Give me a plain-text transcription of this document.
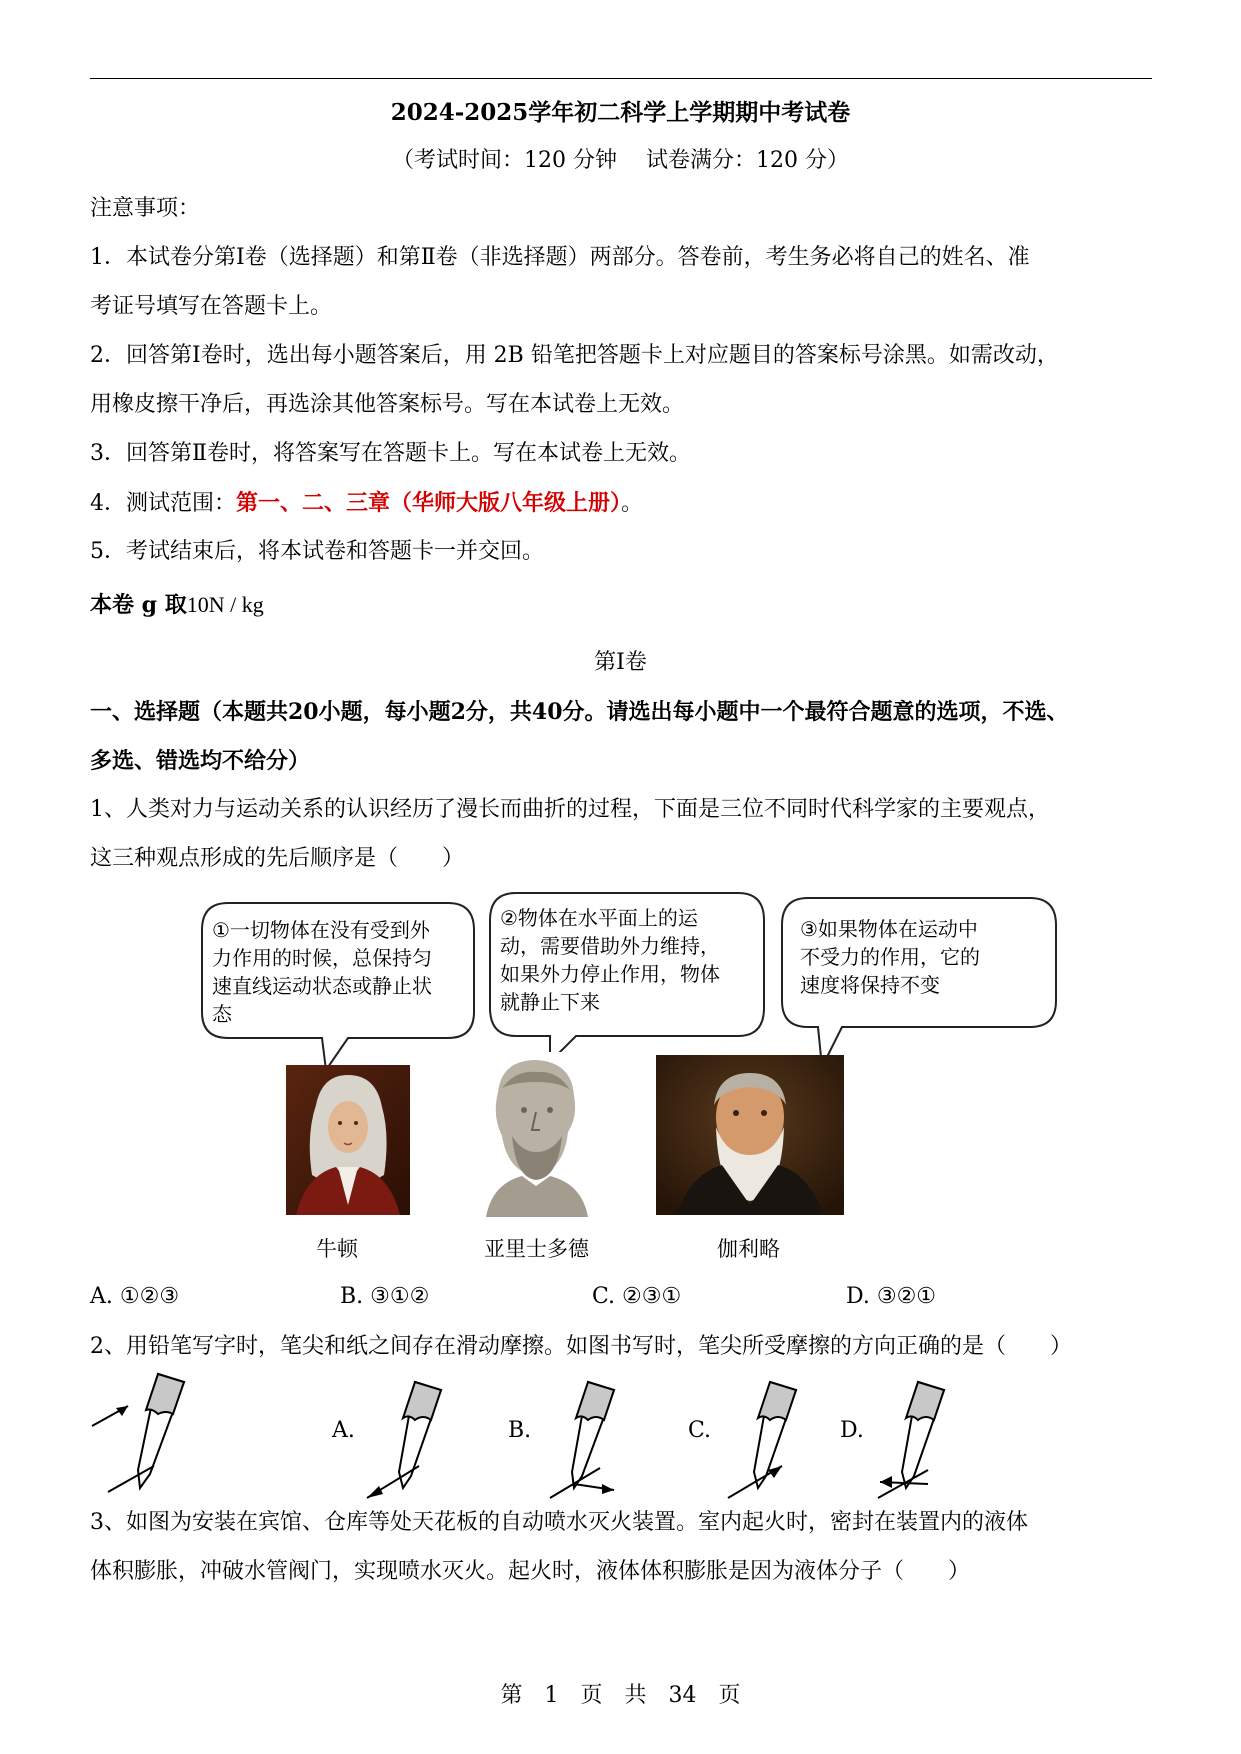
2024-2025学年初二科学上学期期中考试卷
（考试时间：120 分钟　 试卷满分：120 分）
注意事项：
1．本试卷分第Ⅰ卷（选择题）和第Ⅱ卷（非选择题）两部分。答卷前，考生务必将自己的姓名、准
考证号填写在答题卡上。
2．回答第Ⅰ卷时，选出每小题答案后，用 2B 铅笔把答题卡上对应题目的答案标号涂黑。如需改动，
用橡皮擦干净后，再选涂其他答案标号。写在本试卷上无效。
3．回答第Ⅱ卷时，将答案写在答题卡上。写在本试卷上无效。
4．测试范围：第一、二、三章（华师大版八年级上册）。
5．考试结束后，将本试卷和答题卡一并交回。
本卷 g 取10N / kg
第Ⅰ卷
一、选择题（本题共20小题，每小题2分，共40分。请选出每小题中一个最符合题意的选项，不选、
多选、错选均不给分）
1、人类对力与运动关系的认识经历了漫长而曲折的过程，下面是三位不同时代科学家的主要观点，
这三种观点形成的先后顺序是（　　）
①一切物体在没有受到外
力作用的时候，总保持匀
速直线运动状态或静止状
态
②物体在水平面上的运
动，需要借助外力维持，
如果外力停止作用，物体
就静止下来
③如果物体在运动中
不受力的作用，它的
速度将保持不变
牛顿	亚里士多德	伽利略
A. ①②③	B. ③①②	C. ②③①	D. ③②①
2、用铅笔写字时，笔尖和纸之间存在滑动摩擦。如图书写时，笔尖所受摩擦的方向正确的是（　　）
A.	B.	C.	D.
3、如图为安装在宾馆、仓库等处天花板的自动喷水灭火装置。室内起火时，密封在装置内的液体
体积膨胀，冲破水管阀门，实现喷水灭火。起火时，液体体积膨胀是因为液体分子（　　）
第　1　页　共　34　页
